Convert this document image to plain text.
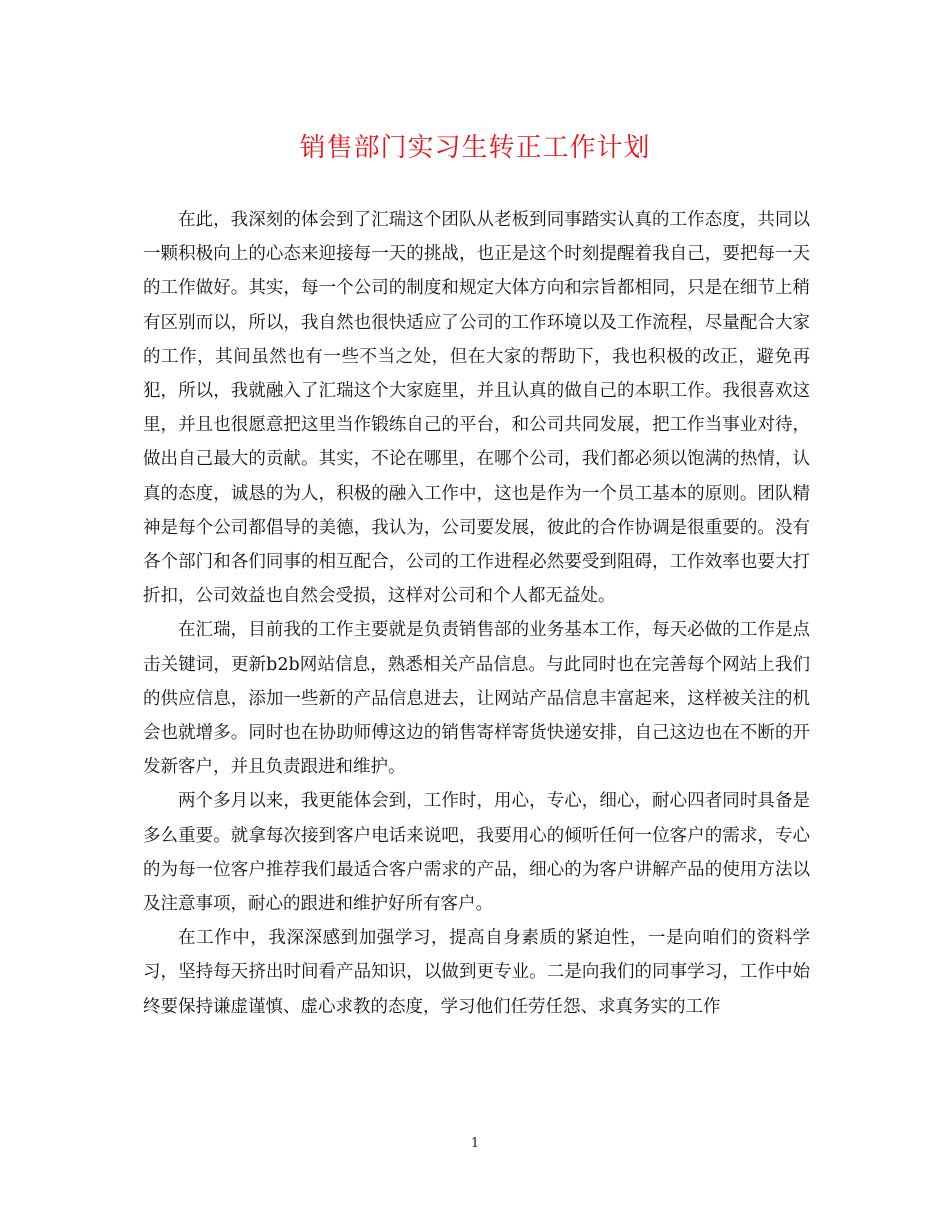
销售部门实习生转正工作计划

在此，我深刻的体会到了汇瑞这个团队从老板到同事踏实认真的工作态度，共同以一颗积极向上的心态来迎接每一天的挑战，也正是这个时刻提醒着我自己，要把每一天的工作做好。其实，每一个公司的制度和规定大体方向和宗旨都相同，只是在细节上稍有区别而以，所以，我自然也很快适应了公司的工作环境以及工作流程，尽量配合大家的工作，其间虽然也有一些不当之处，但在大家的帮助下，我也积极的改正，避免再犯，所以，我就融入了汇瑞这个大家庭里，并且认真的做自己的本职工作。我很喜欢这里，并且也很愿意把这里当作锻练自己的平台，和公司共同发展，把工作当事业对待，做出自己最大的贡献。其实，不论在哪里，在哪个公司，我们都必须以饱满的热情，认真的态度，诚恳的为人，积极的融入工作中，这也是作为一个员工基本的原则。团队精神是每个公司都倡导的美德，我认为，公司要发展，彼此的合作协调是很重要的。没有各个部门和各们同事的相互配合，公司的工作进程必然要受到阻碍，工作效率也要大打折扣，公司效益也自然会受损，这样对公司和个人都无益处。

在汇瑞，目前我的工作主要就是负责销售部的业务基本工作，每天必做的工作是点击关键词，更新b2b网站信息，熟悉相关产品信息。与此同时也在完善每个网站上我们的供应信息，添加一些新的产品信息进去，让网站产品信息丰富起来，这样被关注的机会也就增多。同时也在协助师傅这边的销售寄样寄货快递安排，自己这边也在不断的开发新客户，并且负责跟进和维护。

两个多月以来，我更能体会到，工作时，用心，专心，细心，耐心四者同时具备是多么重要。就拿每次接到客户电话来说吧，我要用心的倾听任何一位客户的需求，专心的为每一位客户推荐我们最适合客户需求的产品，细心的为客户讲解产品的使用方法以及注意事项，耐心的跟进和维护好所有客户。

在工作中，我深深感到加强学习，提高自身素质的紧迫性，一是向咱们的资料学习，坚持每天挤出时间看产品知识，以做到更专业。二是向我们的同事学习，工作中始终要保持谦虚谨慎、虚心求教的态度，学习他们任劳任怨、求真务实的工作

1
